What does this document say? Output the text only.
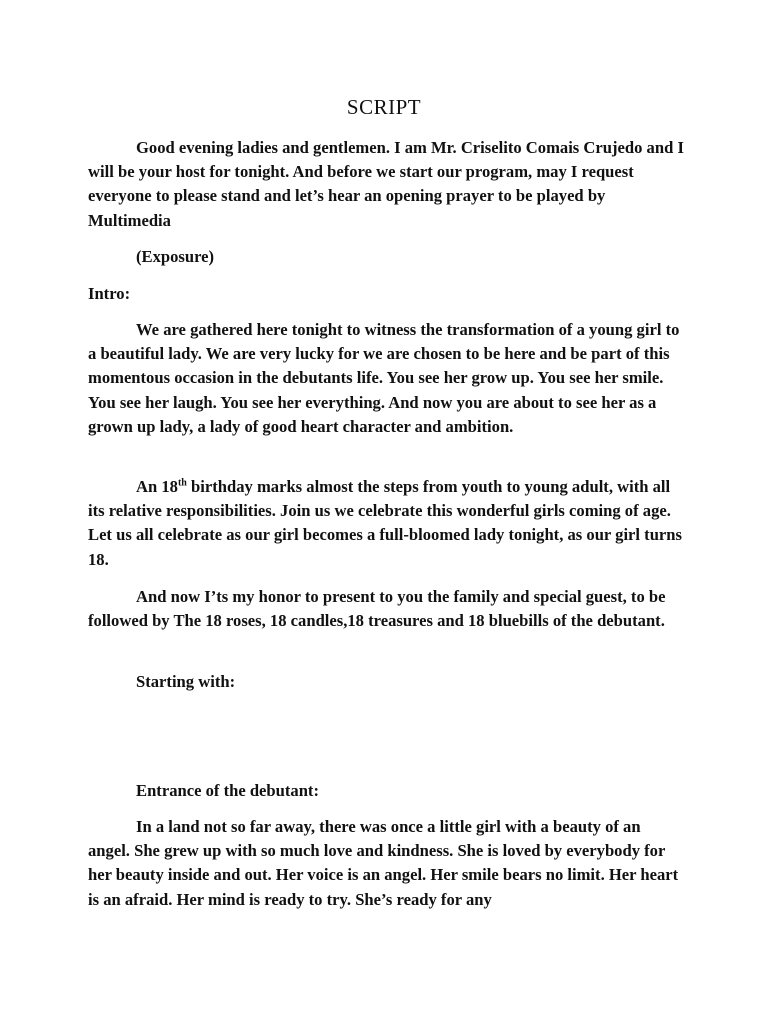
SCRIPT

Good evening ladies and gentlemen. I am Mr. Criselito Comais Crujedo and I will be your host for tonight. And before we start our program, may I request everyone to please stand and let’s hear an opening prayer to be played by Multimedia

(Exposure)

Intro:

We are gathered here tonight to witness the transformation of a young girl to a beautiful lady. We are very lucky for we are chosen to be here and be part of this momentous occasion in the debutants life. You see her grow up. You see her smile. You see her laugh. You see her everything. And now you are about to see her as a grown up lady, a lady of good heart character and ambition.

An 18th birthday marks almost the steps from youth to young adult, with all its relative responsibilities. Join us we celebrate this wonderful girls coming of age. Let us all celebrate as our girl becomes a full-bloomed lady tonight, as our girl turns 18.

And now I’ts my honor to present to you the family and special guest, to be followed by The 18 roses, 18 candles,18 treasures and 18 bluebills of the debutant.

Starting with:

Entrance of the debutant:

In a land not so far away, there was once a little girl with a beauty of an angel. She grew up with so much love and kindness. She is loved by everybody for her beauty inside and out. Her voice is an angel. Her smile bears no limit. Her heart is an afraid. Her mind is ready to try. She’s ready for any
